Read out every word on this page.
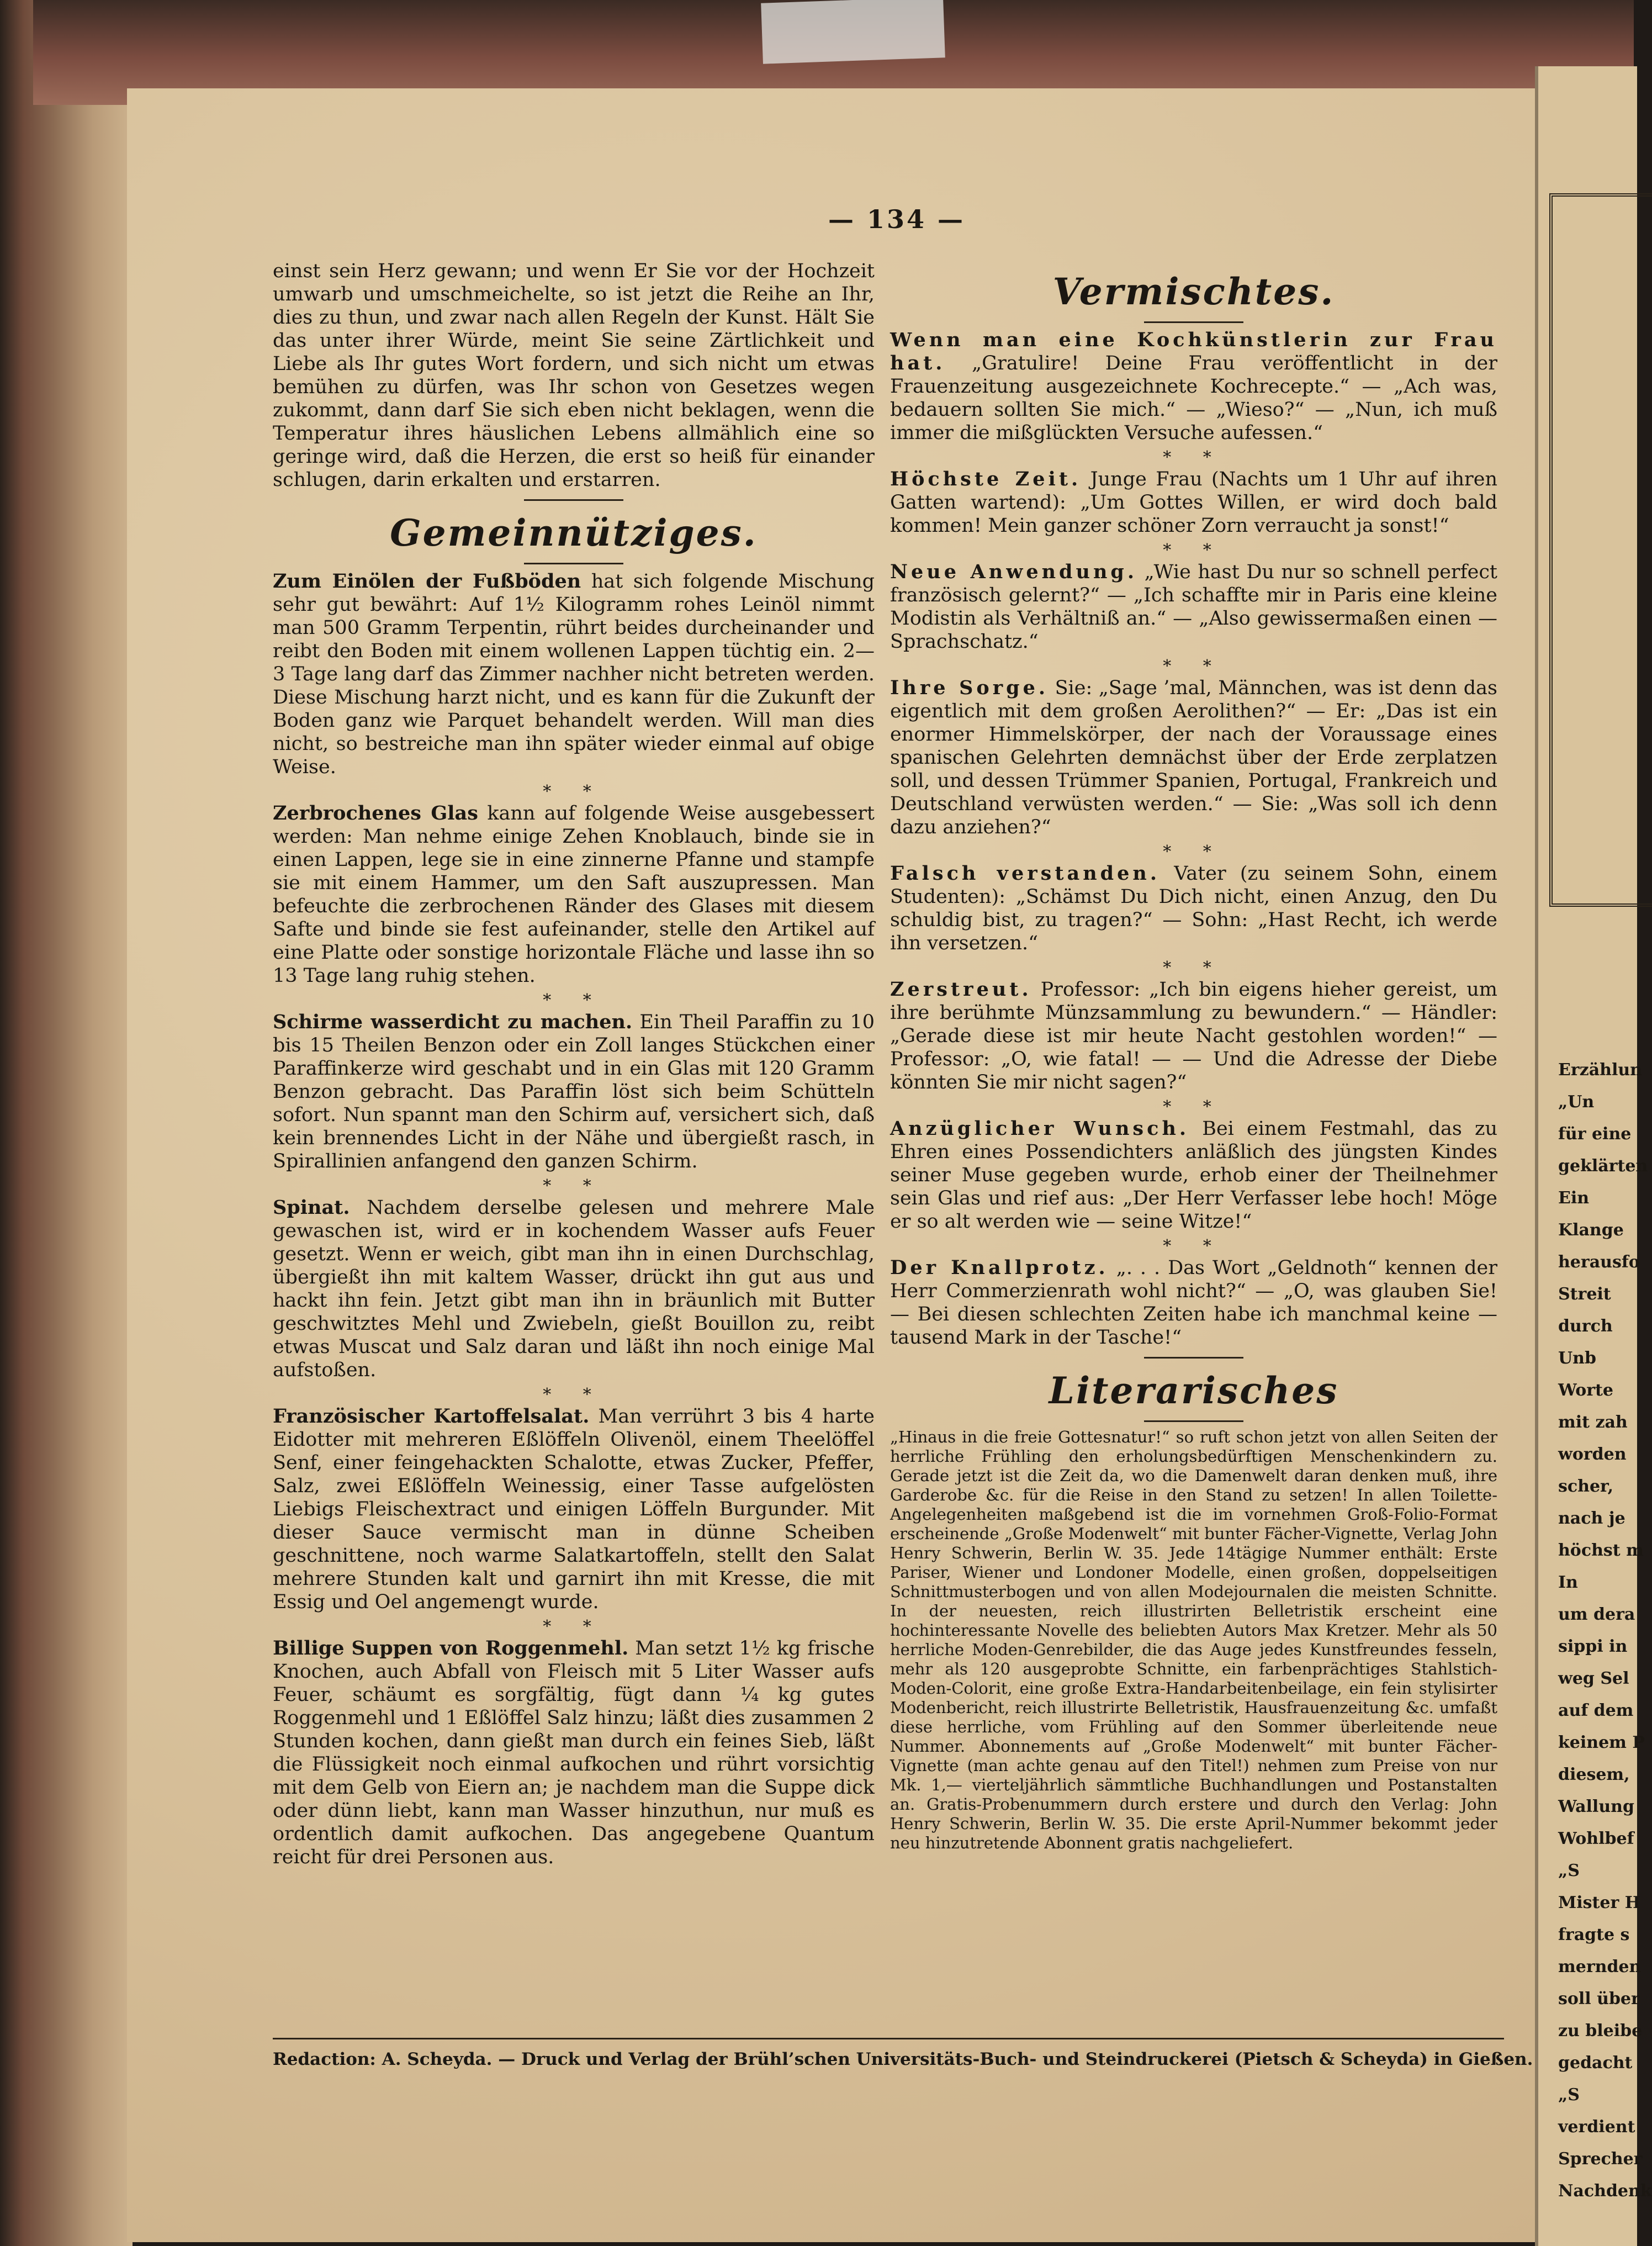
Erzählun
„Un
für eine
geklärten
Ein
Klange
herausfo
Streit
durch
Unb
Worte
mit zah
worden
scher,
nach je
höchst m
In
um dera
sippi in
weg Sel
auf dem
keinem P
diesem,
Wallung
Wohlbef
„S
Mister H
fragte s
mernden
soll über
zu bleibe
gedacht
„S
verdient
Sprecher
Nachdenk
— 134 —

einst sein Herz gewann; und wenn Er Sie vor der Hochzeit umwarb und umschmeichelte, so ist jetzt die Reihe an Ihr, dies zu thun, und zwar nach allen Regeln der Kunst. Hält Sie das unter ihrer Würde, meint Sie seine Zärtlichkeit und Liebe als Ihr gutes Wort fordern, und sich nicht um etwas bemühen zu dürfen, was Ihr schon von Gesetzes wegen zukommt, dann darf Sie sich eben nicht beklagen, wenn die Temperatur ihres häuslichen Lebens allmählich eine so geringe wird, daß die Herzen, die erst so heiß für einander schlugen, darin erkalten und erstarren.

Gemeinnütziges.

Zum Einölen der Fußböden hat sich folgende Mischung sehr gut bewährt: Auf 1½ Kilogramm rohes Leinöl nimmt man 500 Gramm Terpentin, rührt beides durcheinander und reibt den Boden mit einem wollenen Lappen tüchtig ein. 2—3 Tage lang darf das Zimmer nachher nicht betreten werden. Diese Mischung harzt nicht, und es kann für die Zukunft der Boden ganz wie Parquet behandelt werden. Will man dies nicht, so bestreiche man ihn später wieder einmal auf obige Weise.

* *

Zerbrochenes Glas kann auf folgende Weise ausgebessert werden: Man nehme einige Zehen Knoblauch, binde sie in einen Lappen, lege sie in eine zinnerne Pfanne und stampfe sie mit einem Hammer, um den Saft auszupressen. Man befeuchte die zerbrochenen Ränder des Glases mit diesem Safte und binde sie fest aufeinander, stelle den Artikel auf eine Platte oder sonstige horizontale Fläche und lasse ihn so 13 Tage lang ruhig stehen.

* *

Schirme wasserdicht zu machen. Ein Theil Paraffin zu 10 bis 15 Theilen Benzon oder ein Zoll langes Stückchen einer Paraffinkerze wird geschabt und in ein Glas mit 120 Gramm Benzon gebracht. Das Paraffin löst sich beim Schütteln sofort. Nun spannt man den Schirm auf, versichert sich, daß kein brennendes Licht in der Nähe und übergießt rasch, in Spirallinien anfangend den ganzen Schirm.

* *

Spinat. Nachdem derselbe gelesen und mehrere Male gewaschen ist, wird er in kochendem Wasser aufs Feuer gesetzt. Wenn er weich, gibt man ihn in einen Durchschlag, übergießt ihn mit kaltem Wasser, drückt ihn gut aus und hackt ihn fein. Jetzt gibt man ihn in bräunlich mit Butter geschwitztes Mehl und Zwiebeln, gießt Bouillon zu, reibt etwas Muscat und Salz daran und läßt ihn noch einige Mal aufstoßen.

* *

Französischer Kartoffelsalat. Man verrührt 3 bis 4 harte Eidotter mit mehreren Eßlöffeln Olivenöl, einem Theelöffel Senf, einer feingehackten Schalotte, etwas Zucker, Pfeffer, Salz, zwei Eßlöffeln Weinessig, einer Tasse aufgelösten Liebigs Fleischextract und einigen Löffeln Burgunder. Mit dieser Sauce vermischt man in dünne Scheiben geschnittene, noch warme Salatkartoffeln, stellt den Salat mehrere Stunden kalt und garnirt ihn mit Kresse, die mit Essig und Oel angemengt wurde.

* *

Billige Suppen von Roggenmehl. Man setzt 1½ kg frische Knochen, auch Abfall von Fleisch mit 5 Liter Wasser aufs Feuer, schäumt es sorgfältig, fügt dann ¼ kg gutes Roggenmehl und 1 Eßlöffel Salz hinzu; läßt dies zusammen 2 Stunden kochen, dann gießt man durch ein feines Sieb, läßt die Flüssigkeit noch einmal aufkochen und rührt vorsichtig mit dem Gelb von Eiern an; je nachdem man die Suppe dick oder dünn liebt, kann man Wasser hinzuthun, nur muß es ordentlich damit aufkochen. Das angegebene Quantum reicht für drei Personen aus.

Vermischtes.

Wenn man eine Kochkünstlerin zur Frau hat. „Gratulire! Deine Frau veröffentlicht in der Frauenzeitung ausgezeichnete Kochrecepte.“ — „Ach was, bedauern sollten Sie mich.“ — „Wieso?“ — „Nun, ich muß immer die mißglückten Versuche aufessen.“

* *

Höchste Zeit. Junge Frau (Nachts um 1 Uhr auf ihren Gatten wartend): „Um Gottes Willen, er wird doch bald kommen! Mein ganzer schöner Zorn verraucht ja sonst!“

* *

Neue Anwendung. „Wie hast Du nur so schnell perfect französisch gelernt?“ — „Ich schaffte mir in Paris eine kleine Modistin als Verhältniß an.“ — „Also gewissermaßen einen — Sprachschatz.“

* *

Ihre Sorge. Sie: „Sage ’mal, Männchen, was ist denn das eigentlich mit dem großen Aerolithen?“ — Er: „Das ist ein enormer Himmelskörper, der nach der Voraussage eines spanischen Gelehrten demnächst über der Erde zerplatzen soll, und dessen Trümmer Spanien, Portugal, Frankreich und Deutschland verwüsten werden.“ — Sie: „Was soll ich denn dazu anziehen?“

* *

Falsch verstanden. Vater (zu seinem Sohn, einem Studenten): „Schämst Du Dich nicht, einen Anzug, den Du schuldig bist, zu tragen?“ — Sohn: „Hast Recht, ich werde ihn versetzen.“

* *

Zerstreut. Professor: „Ich bin eigens hieher gereist, um ihre berühmte Münzsammlung zu bewundern.“ — Händler: „Gerade diese ist mir heute Nacht gestohlen worden!“ — Professor: „O, wie fatal! — — Und die Adresse der Diebe könnten Sie mir nicht sagen?“

* *

Anzüglicher Wunsch. Bei einem Festmahl, das zu Ehren eines Possendichters anläßlich des jüngsten Kindes seiner Muse gegeben wurde, erhob einer der Theilnehmer sein Glas und rief aus: „Der Herr Verfasser lebe hoch! Möge er so alt werden wie — seine Witze!“

* *

Der Knallprotz. „. . . Das Wort „Geldnoth“ kennen der Herr Commerzienrath wohl nicht?“ — „O, was glauben Sie! — Bei diesen schlechten Zeiten habe ich manchmal keine — tausend Mark in der Tasche!“

Literarisches

„Hinaus in die freie Gottesnatur!“ so ruft schon jetzt von allen Seiten der herrliche Frühling den erholungsbedürftigen Menschenkindern zu. Gerade jetzt ist die Zeit da, wo die Damenwelt daran denken muß, ihre Garderobe &c. für die Reise in den Stand zu setzen! In allen Toilette-Angelegenheiten maßgebend ist die im vornehmen Groß-Folio-Format erscheinende „Große Modenwelt“ mit bunter Fächer-Vignette, Verlag John Henry Schwerin, Berlin W. 35. Jede 14tägige Nummer enthält: Erste Pariser, Wiener und Londoner Modelle, einen großen, doppelseitigen Schnittmusterbogen und von allen Modejournalen die meisten Schnitte. In der neuesten, reich illustrirten Belletristik erscheint eine hochinteressante Novelle des beliebten Autors Max Kretzer. Mehr als 50 herrliche Moden-Genrebilder, die das Auge jedes Kunstfreundes fesseln, mehr als 120 ausgeprobte Schnitte, ein farbenprächtiges Stahlstich-Moden-Colorit, eine große Extra-Handarbeitenbeilage, ein fein stylisirter Modenbericht, reich illustrirte Belletristik, Hausfrauenzeitung &c. umfaßt diese herrliche, vom Frühling auf den Sommer überleitende neue Nummer. Abonnements auf „Große Modenwelt“ mit bunter Fächer-Vignette (man achte genau auf den Titel!) nehmen zum Preise von nur Mk. 1,— vierteljährlich sämmtliche Buchhandlungen und Postanstalten an. Gratis-Probenummern durch erstere und durch den Verlag: John Henry Schwerin, Berlin W. 35. Die erste April-Nummer bekommt jeder neu hinzutretende Abonnent gratis nachgeliefert.

Redaction: A. Scheyda. — Druck und Verlag der Brühl’schen Universitäts-Buch- und Steindruckerei (Pietsch & Scheyda) in Gießen.
